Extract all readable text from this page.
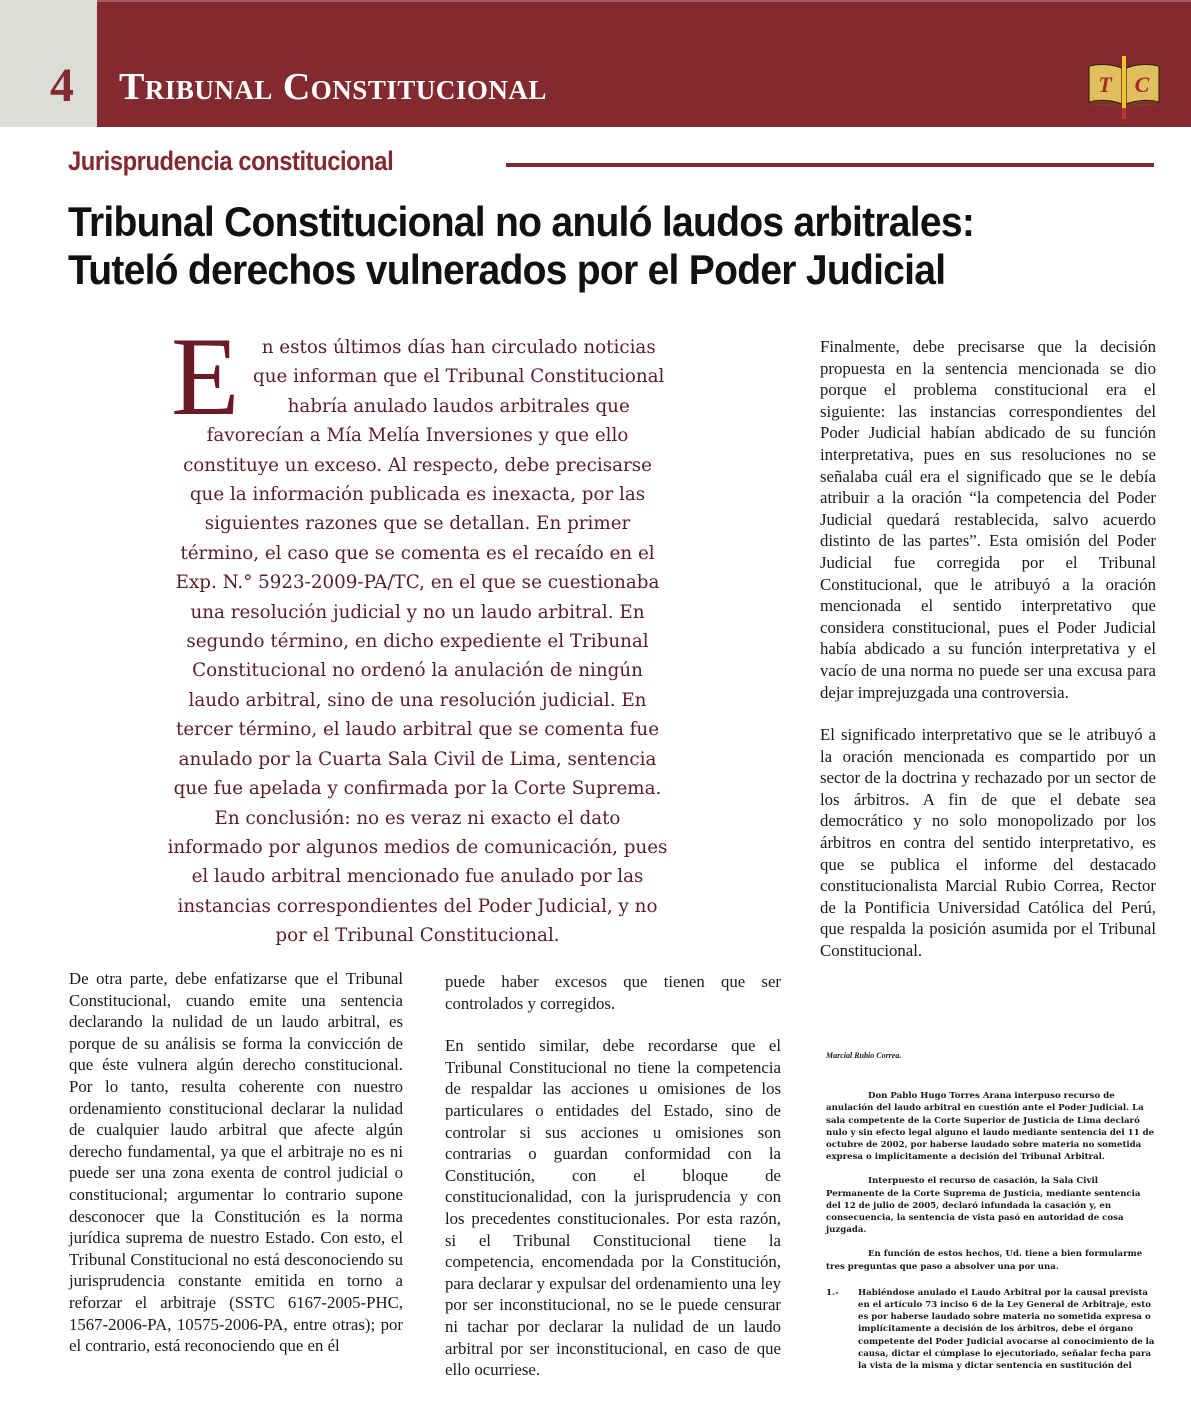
4 Tribunal Constitucional	T C
Jurisprudencia constitucional
Tribunal Constitucional no anuló laudos arbitrales:
Tuteló derechos vulnerados por el Poder Judicial
E n estos últimos días han circulado noticias que informan que el Tribunal Constitucional habría anulado laudos arbitrales que favorecían a Mía Melía Inversiones y que ello constituye un exceso. Al respecto, debe precisarse que la información publicada es inexacta, por las siguientes razones que se detallan. En primer término, el caso que se comenta es el recaído en el Exp. N.° 5923-2009-PA/TC, en el que se cuestionaba una resolución judicial y no un laudo arbitral. En segundo término, en dicho expediente el Tribunal Constitucional no ordenó la anulación de ningún laudo arbitral, sino de una resolución judicial. En tercer término, el laudo arbitral que se comenta fue anulado por la Cuarta Sala Civil de Lima, sentencia que fue apelada y confirmada por la Corte Suprema. En conclusión: no es veraz ni exacto el dato informado por algunos medios de comunicación, pues el laudo arbitral mencionado fue anulado por las instancias correspondientes del Poder Judicial, y no por el Tribunal Constitucional.

Finalmente, debe precisarse que la decisión propuesta en la sentencia mencionada se dio porque el problema constitucional era el siguiente: las instancias correspondientes del Poder Judicial habían abdicado de su función interpretativa, pues en sus resoluciones no se señalaba cuál era el significado que se le debía atribuir a la oración “la competencia del Poder Judicial quedará restablecida, salvo acuerdo distinto de las partes”. Esta omisión del Poder Judicial fue corregida por el Tribunal Constitucional, que le atribuyó a la oración mencionada el sentido interpretativo que considera constitucional, pues el Poder Judicial había abdicado a su función interpretativa y el vacío de una norma no puede ser una excusa para dejar imprejuzgada una controversia.

El significado interpretativo que se le atribuyó a la oración mencionada es compartido por un sector de la doctrina y rechazado por un sector de los árbitros. A fin de que el debate sea democrático y no solo monopolizado por los árbitros en contra del sentido interpretativo, es que se publica el informe del destacado constitucionalista Marcial Rubio Correa, Rector de la Pontificia Universidad Católica del Perú, que respalda la posición asumida por el Tribunal Constitucional.

De otra parte, debe enfatizarse que el Tribunal Constitucional, cuando emite una sentencia declarando la nulidad de un laudo arbitral, es porque de su análisis se forma la convicción de que éste vulnera algún derecho constitucional. Por lo tanto, resulta coherente con nuestro ordenamiento constitucional declarar la nulidad de cualquier laudo arbitral que afecte algún derecho fundamental, ya que el arbitraje no es ni puede ser una zona exenta de control judicial o constitucional; argumentar lo contrario supone desconocer que la Constitución es la norma jurídica suprema de nuestro Estado. Con esto, el Tribunal Constitucional no está desconociendo su jurisprudencia constante emitida en torno a reforzar el arbitraje (SSTC 6167-2005-PHC, 1567-2006-PA, 10575-2006-PA, entre otras); por el contrario, está reconociendo que en él

puede haber excesos que tienen que ser controlados y corregidos.

En sentido similar, debe recordarse que el Tribunal Constitucional no tiene la competencia de respaldar las acciones u omisiones de los particulares o entidades del Estado, sino de controlar si sus acciones u omisiones son contrarias o guardan conformidad con la Constitución, con el bloque de constitucionalidad, con la jurisprudencia y con los precedentes constitucionales. Por esta razón, si el Tribunal Constitucional tiene la competencia, encomendada por la Constitución, para declarar y expulsar del ordenamiento una ley por ser inconstitucional, no se le puede censurar ni tachar por declarar la nulidad de un laudo arbitral por ser inconstitucional, en caso de que ello ocurriese.

Marcial Rubio Correa.

Don Pablo Hugo Torres Arana interpuso recurso de anulación del laudo arbitral en cuestión ante el Poder Judicial. La sala competente de la Corte Superior de Justicia de Lima declaró nulo y sin efecto legal alguno el laudo mediante sentencia del 11 de octubre de 2002, por haberse laudado sobre materia no sometida expresa o implícitamente a decisión del Tribunal Arbitral.

Interpuesto el recurso de casación, la Sala Civil Permanente de la Corte Suprema de Justicia, mediante sentencia del 12 de julio de 2005, declaró infundada la casación y, en consecuencia, la sentencia de vista pasó en autoridad de cosa juzgada.

En función de estos hechos, Ud. tiene a bien formularme tres preguntas que paso a absolver una por una.

1.-	Habiéndose anulado el Laudo Arbitral por la causal prevista en el artículo 73 inciso 6 de la Ley General de Arbitraje, esto es por haberse laudado sobre materia no sometida expresa o implícitamente a decisión de los árbitros, debe el órgano competente del Poder Judicial avocarse al conocimiento de la causa, dictar el cúmplase lo ejecutoriado, señalar fecha para la vista de la misma y dictar sentencia en sustitución del
